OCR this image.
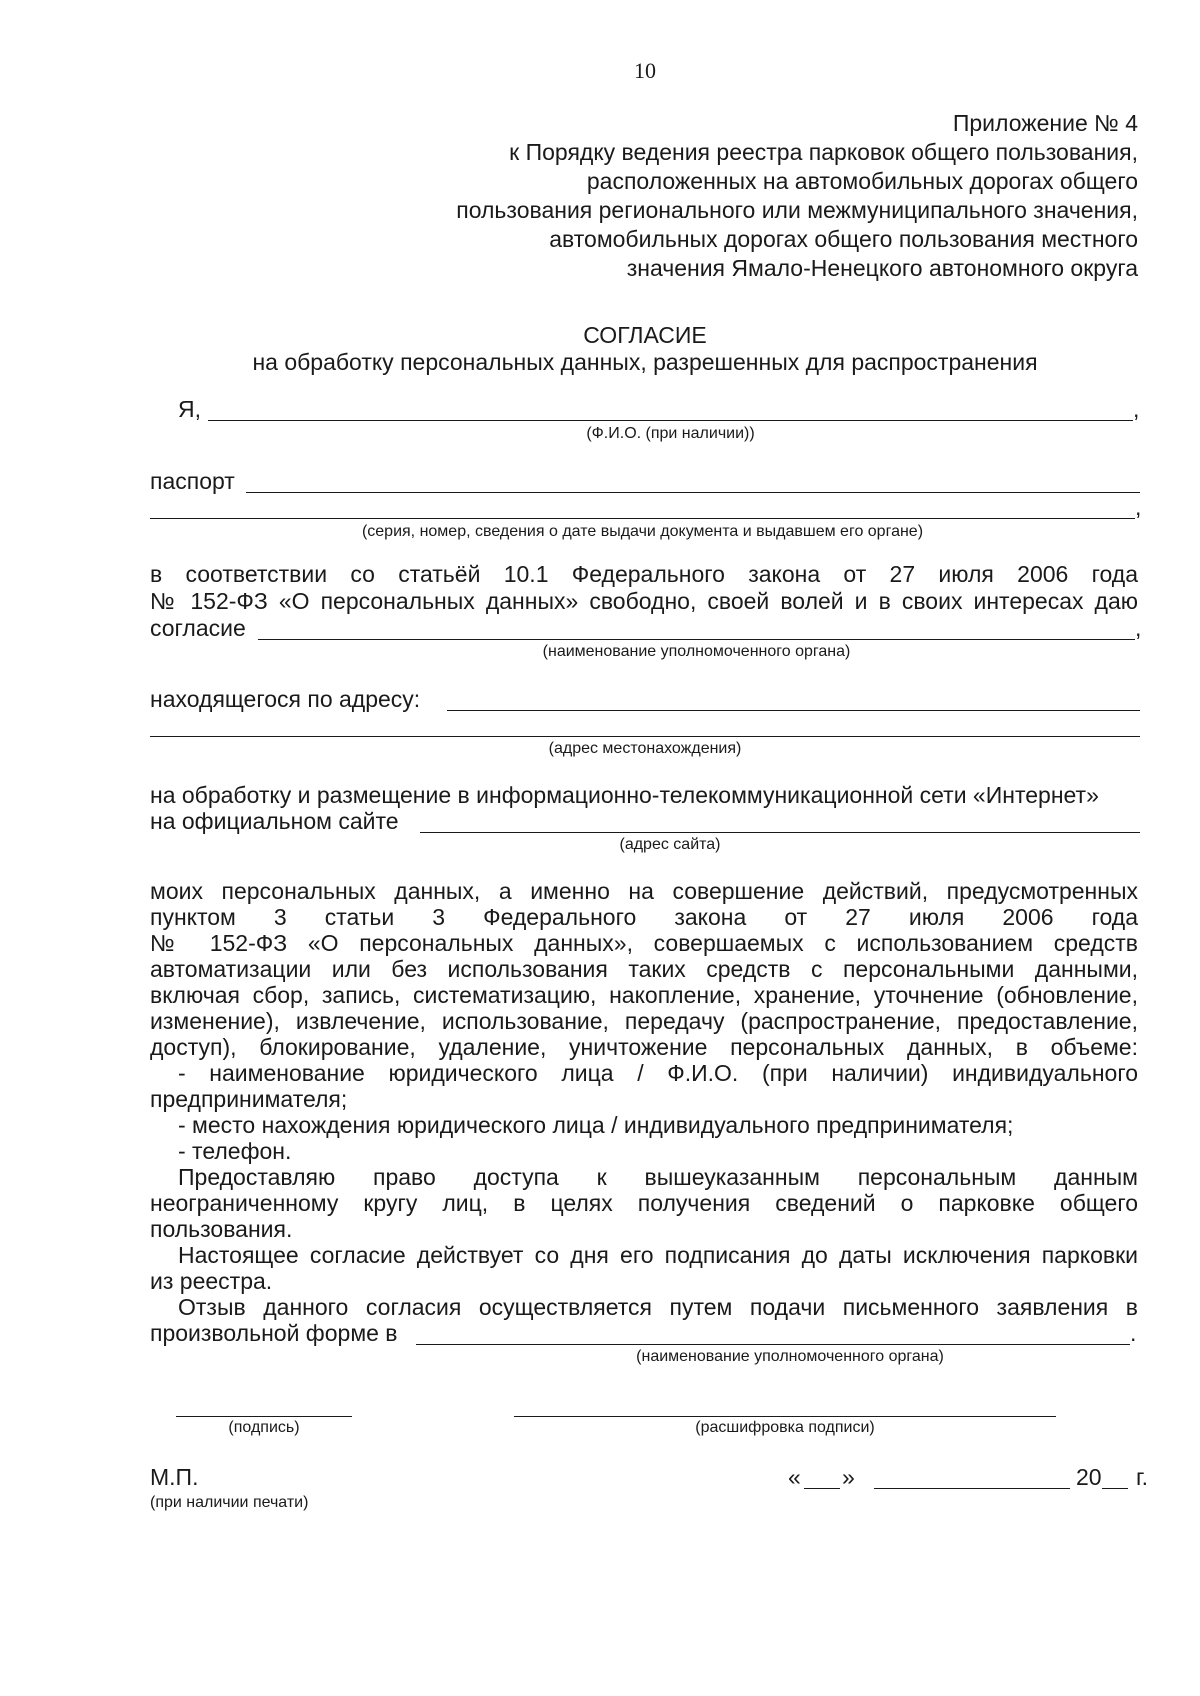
10
Приложение № 4
к Порядку ведения реестра парковок общего пользования,
расположенных на автомобильных дорогах общего
пользования регионального или межмуниципального значения,
автомобильных дорогах общего пользования местного
значения Ямало-Ненецкого автономного округа
СОГЛАСИЕ
на обработку персональных данных, разрешенных для распространения
Я,	,
(Ф.И.О. (при наличии))
паспорт
,
(серия, номер, сведения о дате выдачи документа и выдавшем его органе)
в соответствии со статьёй 10.1 Федерального закона от 27 июля 2006 года
№ 152-ФЗ «О персональных данных» свободно, своей волей и в своих интересах даю
согласие	,
(наименование уполномоченного органа)
находящегося по адресу:
(адрес местонахождения)
на обработку и размещение в информационно-телекоммуникационной сети «Интернет»
на официальном сайте
(адрес сайта)
моих персональных данных, а именно на совершение действий, предусмотренных
пунктом 3 статьи 3 Федерального закона от 27 июля 2006 года
№ 152-ФЗ «О персональных данных», совершаемых с использованием средств
автоматизации или без использования таких средств с персональными данными,
включая сбор, запись, систематизацию, накопление, хранение, уточнение (обновление,
изменение), извлечение, использование, передачу (распространение, предоставление,
доступ), блокирование, удаление, уничтожение персональных данных, в объеме:
- наименование юридического лица / Ф.И.О. (при наличии) индивидуального
предпринимателя;
- место нахождения юридического лица / индивидуального предпринимателя;
- телефон.
Предоставляю право доступа к вышеуказанным персональным данным
неограниченному кругу лиц, в целях получения сведений о парковке общего
пользования.
Настоящее согласие действует со дня его подписания до даты исключения парковки
из реестра.
Отзыв данного согласия осуществляется путем подачи письменного заявления в
произвольной форме в	.
(наименование уполномоченного органа)
(подпись)	(расшифровка подписи)
М.П.
(при наличии печати)
« »	20 г.
